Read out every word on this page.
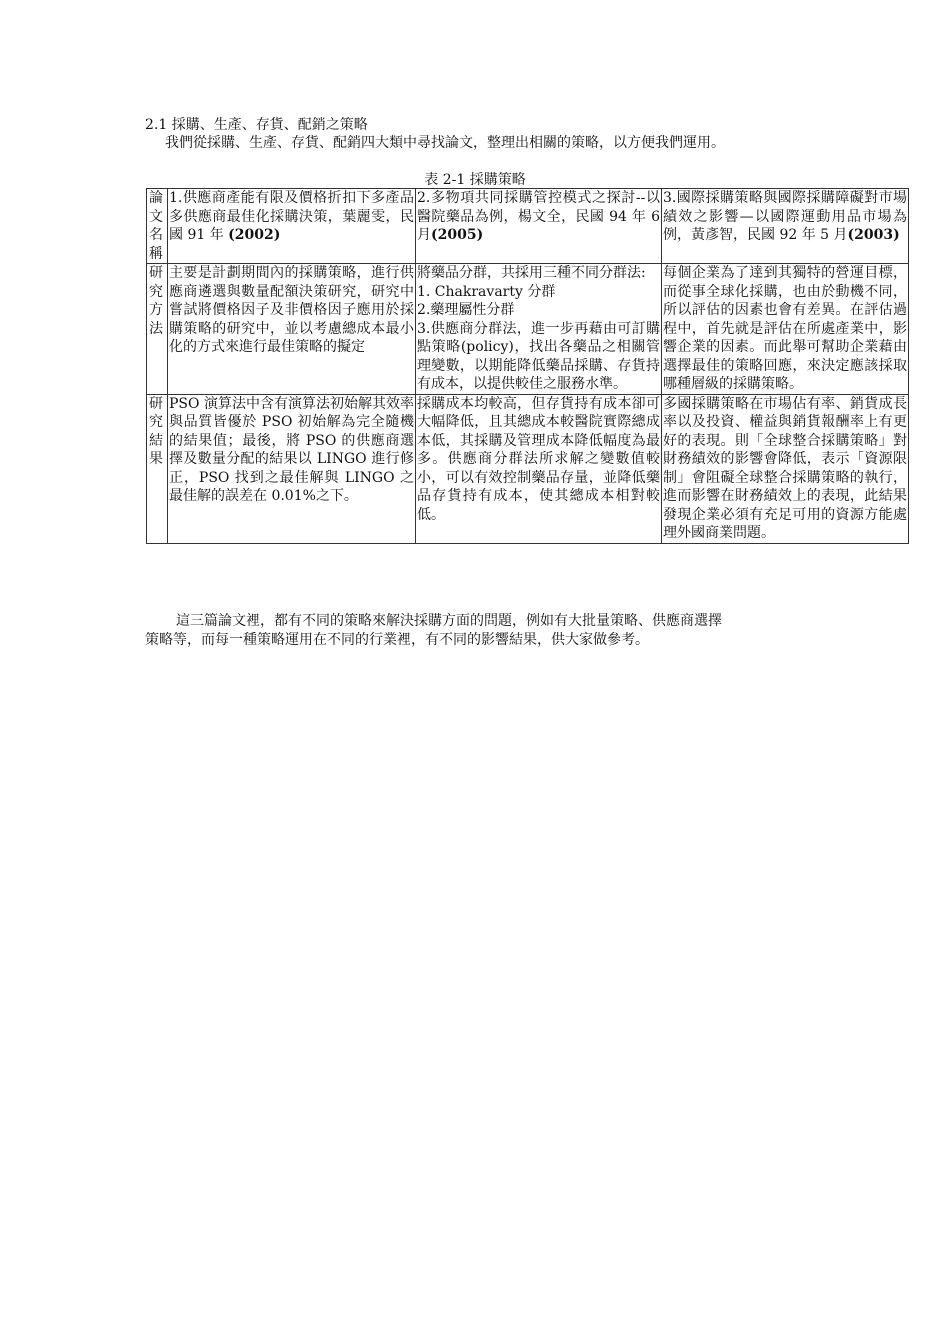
2.1 採購、生產、存貨、配銷之策略
我們從採購、生產、存貨、配銷四大類中尋找論文，整理出相關的策略，以方便我們運用。
表 2-1 採購策略
論文名稱	1.供應商產能有限及價格折扣下多產品多供應商最佳化採購決策，葉麗雯，民國 91 年 (2002)	2.多物項共同採購管控模式之探討--以醫院藥品為例，楊文全，民國 94 年 6 月(2005)	3.國際採購策略與國際採購障礙對市場績效之影響—以國際運動用品市場為例，黃彥智，民國 92 年 5 月(2003)

研究方法	主要是計劃期間內的採購策略，進行供應商遴選與數量配額決策研究，研究中嘗試將價格因子及非價格因子應用於採購策略的研究中，並以考慮總成本最小化的方式來進行最佳策略的擬定	將藥品分群，共採用三種不同分群法:
1. Chakravarty 分群
2.藥理屬性分群
3.供應商分群法，進一步再藉由可訂購點策略(policy)，找出各藥品之相關管理變數，以期能降低藥品採購、存貨持有成本，以提供較佳之服務水準。	每個企業為了達到其獨特的營運目標，而從事全球化採購，也由於動機不同，所以評估的因素也會有差異。在評估過程中，首先就是評估在所處產業中，影響企業的因素。而此舉可幫助企業藉由選擇最佳的策略回應，來決定應該採取哪種層級的採購策略。

研究結果	PSO 演算法中含有演算法初始解其效率與品質皆優於 PSO 初始解為完全隨機的結果值；最後，將 PSO 的供應商選擇及數量分配的結果以 LINGO 進行修正，PSO 找到之最佳解與 LINGO 之最佳解的誤差在 0.01%之下。	採購成本均較高，但存貨持有成本卻可大幅降低，且其總成本較醫院實際總成本低，其採購及管理成本降低幅度為最多。供應商分群法所求解之變數值較小，可以有效控制藥品存量，並降低藥品存貨持有成本，使其總成本相對較低。	多國採購策略在市場佔有率、銷貨成長率以及投資、權益與銷貨報酬率上有更好的表現。則「全球整合採購策略」對財務績效的影響會降低，表示「資源限制」會阻礙全球整合採購策略的執行，進而影響在財務績效上的表現，此結果發現企業必須有充足可用的資源方能處理外國商業問題。
這三篇論文裡，都有不同的策略來解決採購方面的問題，例如有大批量策略、供應商選擇
策略等，而每一種策略運用在不同的行業裡，有不同的影響結果，供大家做參考。
